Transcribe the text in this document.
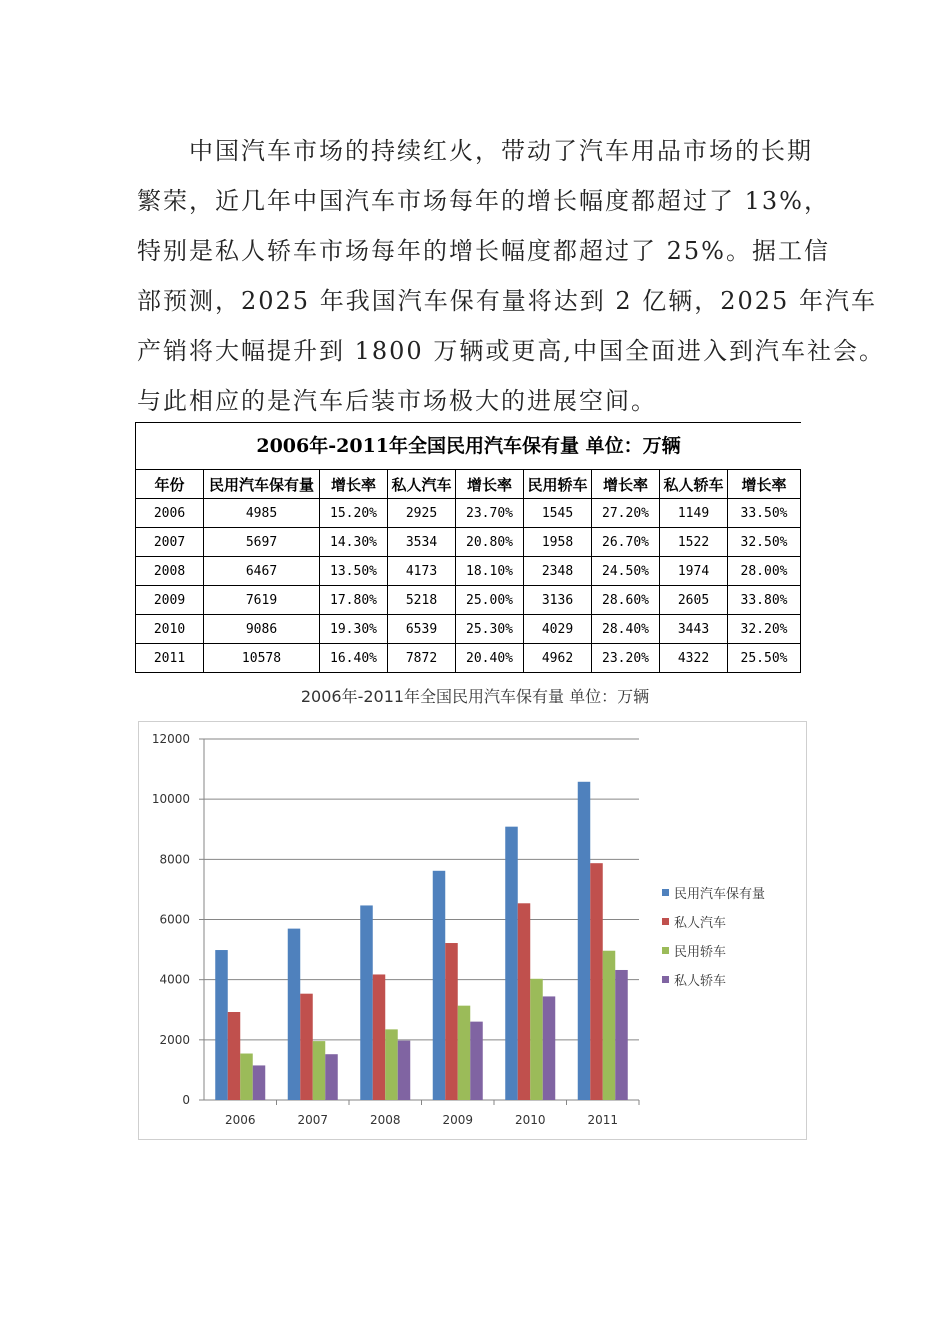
中国汽车市场的持续红火，带动了汽车用品市场的长期
繁荣，近几年中国汽车市场每年的增长幅度都超过了 13%，
特别是私人轿车市场每年的增长幅度都超过了 25%。据工信
部预测，2025 年我国汽车保有量将达到 2 亿辆，2025 年汽车
产销将大幅提升到 1800 万辆或更高,中国全面进入到汽车社会。
与此相应的是汽车后装市场极大的进展空间。
2006年-2011年全国民用汽车保有量 单位：万辆
年份	民用汽车保有量	增长率	私人汽车	增长率	民用轿车	增长率	私人轿车	增长率
2006	4985	15.20%	2925	23.70%	1545	27.20%	1149	33.50%
2007	5697	14.30%	3534	20.80%	1958	26.70%	1522	32.50%
2008	6467	13.50%	4173	18.10%	2348	24.50%	1974	28.00%
2009	7619	17.80%	5218	25.00%	3136	28.60%	2605	33.80%
2010	9086	19.30%	6539	25.30%	4029	28.40%	3443	32.20%
2011	10578	16.40%	7872	20.40%	4962	23.20%	4322	25.50%
2006年-2011年全国民用汽车保有量 单位：万辆
0
2000
4000
6000
8000
10000
12000
2006	2007	2008	2009	2010	2011
民用汽车保有量
私人汽车
民用轿车
私人轿车
